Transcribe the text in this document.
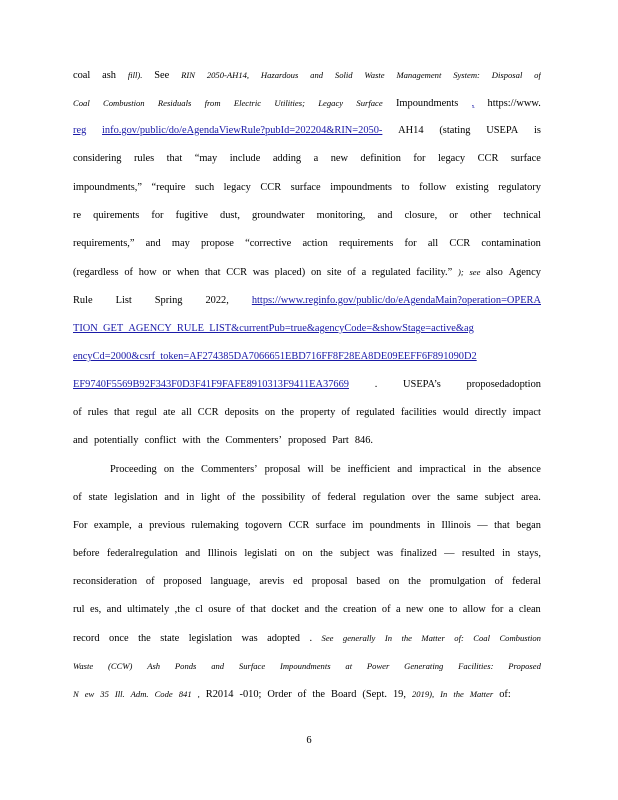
coal ash fill). See RIN 2050-AH14, Hazardous and Solid Waste Management System: Disposal of
Coal Combustion Residuals from Electric Utilities; Legacy Surface Impoundments , https://www.
reg info.gov/public/do/eAgendaViewRule?pubId=202204&RIN=2050- AH14 (stating USEPA is
considering rules that “may include adding a new definition for legacy CCR surface
impoundments,” “require such legacy CCR surface impoundments to follow existing regulatory
re quirements for fugitive dust, groundwater monitoring, and closure, or other technical
requirements,” and may propose “corrective action requirements for all CCR contamination
(regardless of how or when that CCR was placed) on site of a regulated facility.” ); see also Agency
Rule List Spring 2022, https://www.reginfo.gov/public/do/eAgendaMain?operation=OPERA
TION_GET_AGENCY_RULE_LIST&currentPub=true&agencyCode=&showStage=active&ag
encyCd=2000&csrf_token=AF274385DA7066651EBD716FF8F28EA8DE09EEFF6F891090D2
EF9740F5569B92F343F0D3F41F9FAFE8910313F9411EA37669 . USEPA’s proposedadoption
of rules that regul ate all CCR deposits on the property of regulated facilities would directly impact
and potentially conflict with the Commenters’ proposed Part 846.
Proceeding on the Commenters’ proposal will be inefficient and impractical in the absence
of state legislation and in light of the possibility of federal regulation over the same subject area.
For example, a previous rulemaking togovern CCR surface im poundments in Illinois — that began
before federalregulation and Illinois legislati on on the subject was finalized — resulted in stays,
reconsideration of proposed language, arevis ed proposal based on the promulgation of federal
rul es, and ultimately ,the cl osure of that docket and the creation of a new one to allow for a clean
record once the state legislation was adopted . See generally In the Matter of: Coal Combustion
Waste (CCW) Ash Ponds and Surface Impoundments at Power Generating Facilities: Proposed
N ew 35 Ill. Adm. Code 841 , R2014 -010; Order of the Board (Sept. 19, 2019), In the Matter of:
6
